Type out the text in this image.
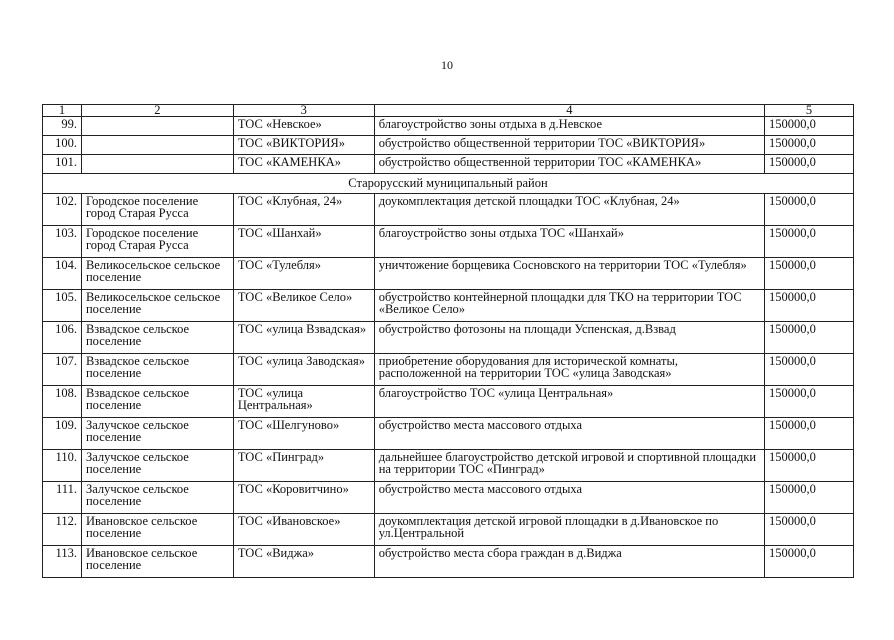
10
1	2	3	4	5
99.		ТОС «Невское»	благоустройство зоны отдыха в д.Невское	150000,0
100.		ТОС «ВИКТОРИЯ»	обустройство общественной территории ТОС «ВИКТОРИЯ»	150000,0
101.		ТОС «КАМЕНКА»	обустройство общественной территории ТОС «КАМЕНКА»	150000,0
Старорусский муниципальный район				
102.	Городское поселение город Старая Русса	ТОС «Клубная, 24»	доукомплектация детской площадки ТОС «Клубная, 24»	150000,0
103.	Городское поселение город Старая Русса	ТОС «Шанхай»	благоустройство зоны отдыха ТОС «Шанхай»	150000,0
104.	Великосельское сельское поселение	ТОС «Тулебля»	уничтожение борщевика Сосновского на территории ТОС «Тулебля»	150000,0
105.	Великосельское сельское поселение	ТОС «Великое Село»	обустройство контейнерной площадки для ТКО на территории ТОС «Великое Село»	150000,0
106.	Взвадское сельское поселение	ТОС «улица Взвадская»	обустройство фотозоны на площади Успенская, д.Взвад	150000,0
107.	Взвадское сельское поселение	ТОС «улица Заводская»	приобретение оборудования для исторической комнаты, расположенной на территории ТОС «улица Заводская»	150000,0
108.	Взвадское сельское поселение	ТОС «улица Центральная»	благоустройство ТОС «улица Центральная»	150000,0
109.	Залучское сельское поселение	ТОС «Шелгуново»	обустройство места массового отдыха	150000,0
110.	Залучское сельское поселение	ТОС «Пинград»	дальнейшее благоустройство детской игровой и спортивной площадки на территории ТОС «Пинград»	150000,0
111.	Залучское сельское поселение	ТОС «Коровитчино»	обустройство места массового отдыха	150000,0
112.	Ивановское сельское поселение	ТОС «Ивановское»	доукомплектация детской игровой площадки в д.Ивановское по ул.Центральной	150000,0
113.	Ивановское сельское поселение	ТОС «Виджа»	обустройство места сбора граждан в д.Виджа	150000,0
